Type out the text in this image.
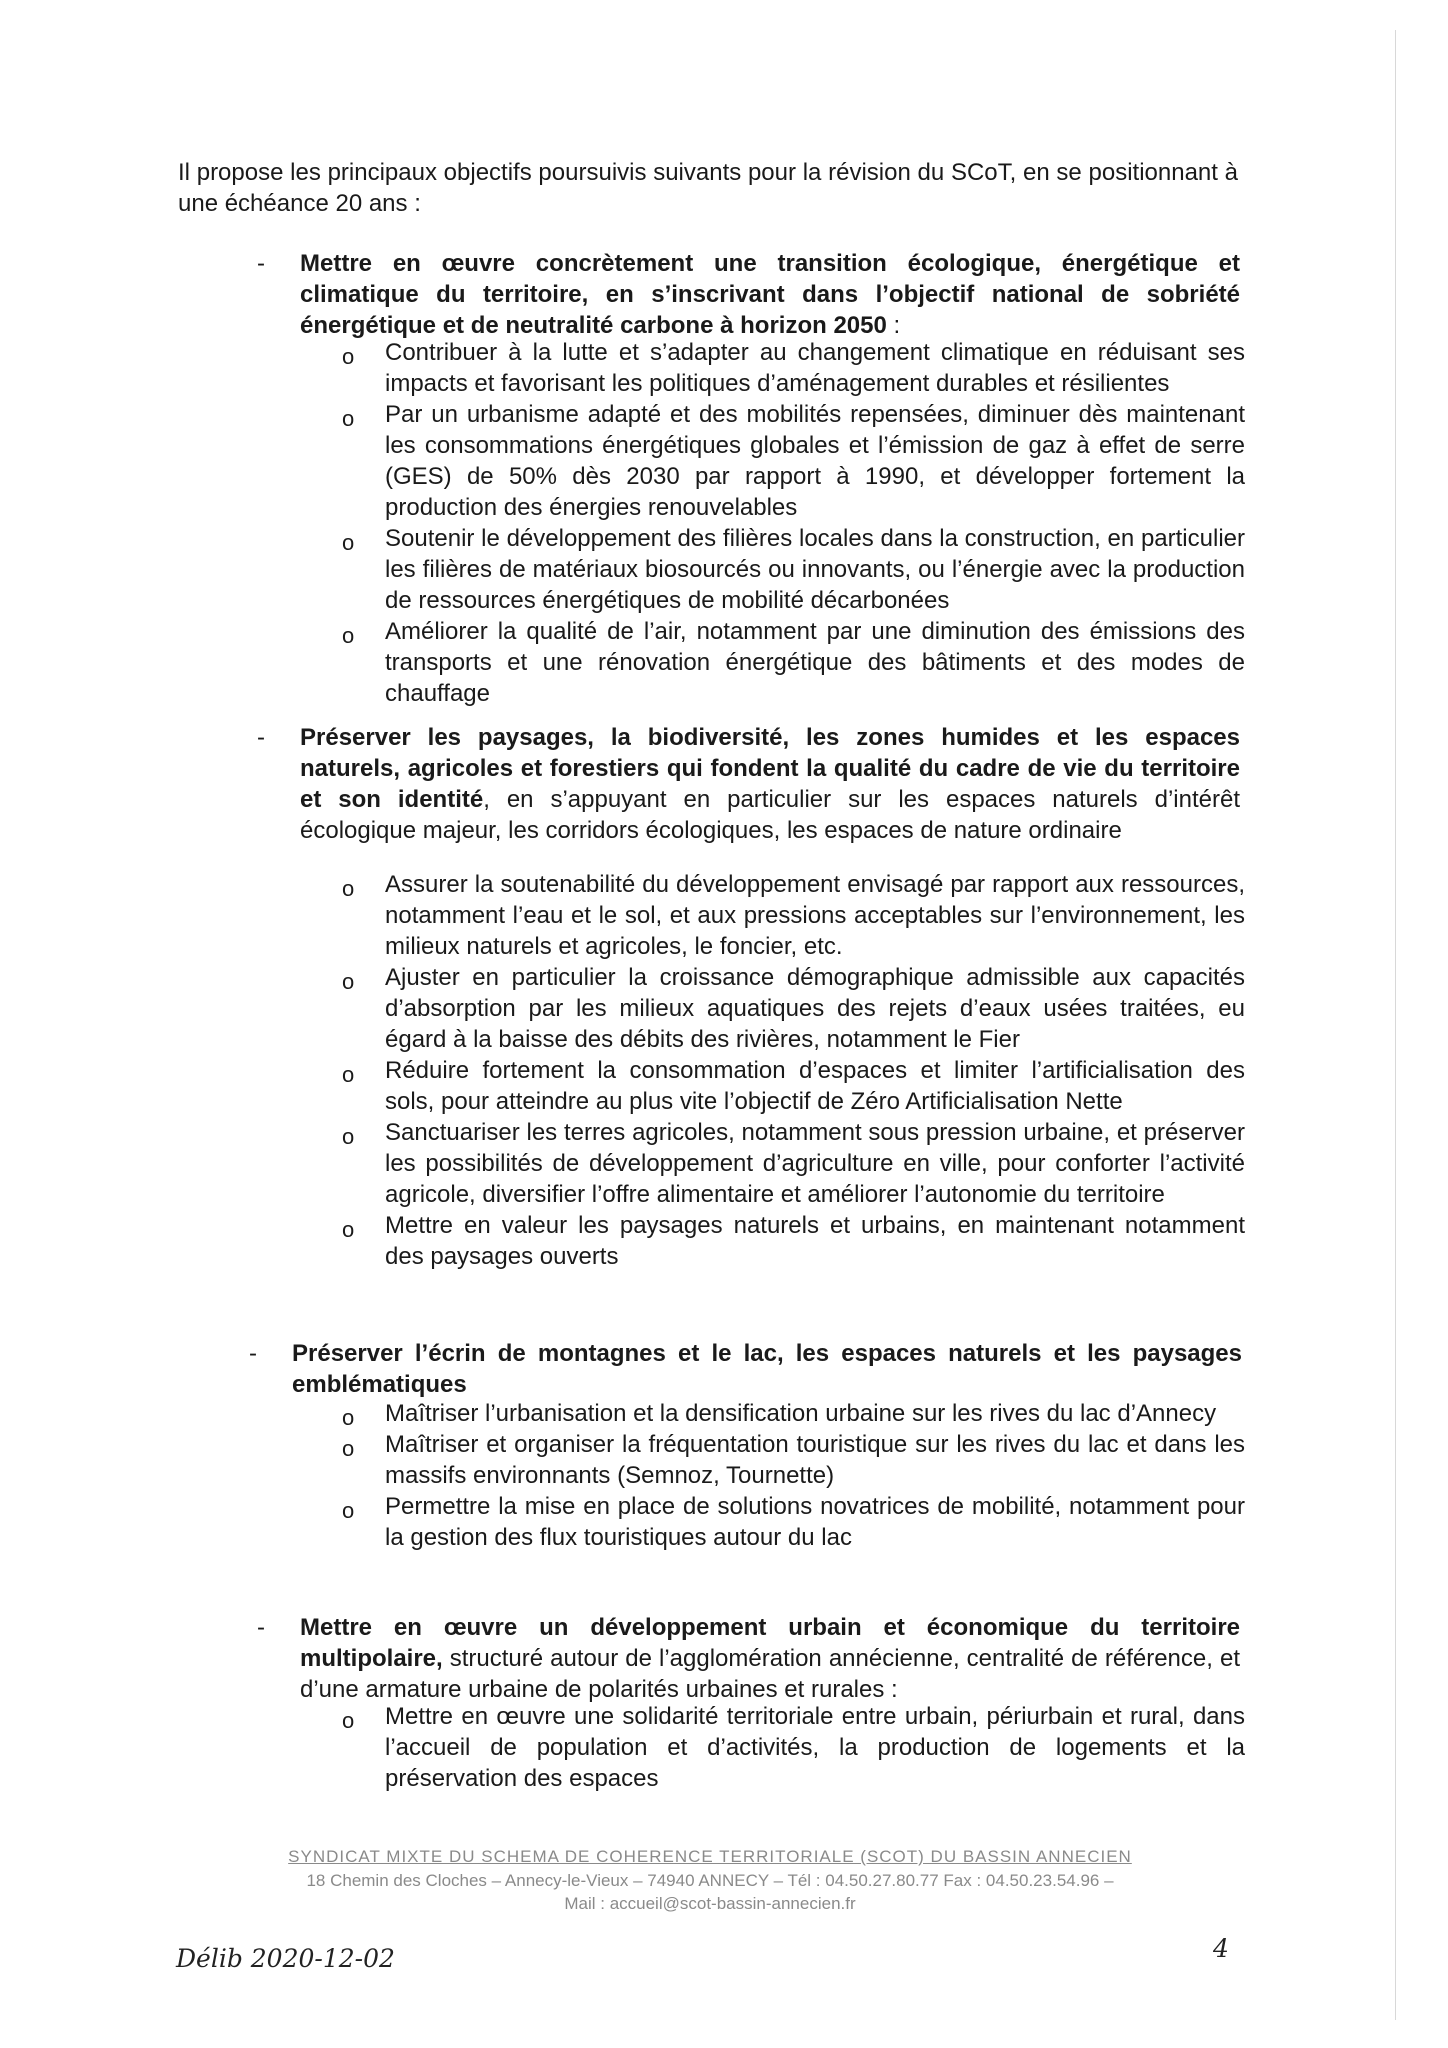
Il propose les principaux objectifs poursuivis suivants pour la révision du SCoT, en se positionnant à une échéance 20 ans :

-	Mettre en œuvre concrètement une transition écologique, énergétique et climatique du territoire, en s’inscrivant dans l’objectif national de sobriété énergétique et de neutralité carbone à horizon 2050 :

o Contribuer à la lutte et s’adapter au changement climatique en réduisant ses impacts et favorisant les politiques d’aménagement durables et résilientes

o Par un urbanisme adapté et des mobilités repensées, diminuer dès maintenant les consommations énergétiques globales et l’émission de gaz à effet de serre (GES) de 50% dès 2030 par rapport à 1990, et développer fortement la production des énergies renouvelables

o Soutenir le développement des filières locales dans la construction, en particulier les filières de matériaux biosourcés ou innovants, ou l’énergie avec la production de ressources énergétiques de mobilité décarbonées

o Améliorer la qualité de l’air, notamment par une diminution des émissions des transports et une rénovation énergétique des bâtiments et des modes de chauffage

-	Préserver les paysages, la biodiversité, les zones humides et les espaces naturels, agricoles et forestiers qui fondent la qualité du cadre de vie du territoire et son identité, en s’appuyant en particulier sur les espaces naturels d’intérêt écologique majeur, les corridors écologiques, les espaces de nature ordinaire

o Assurer la soutenabilité du développement envisagé par rapport aux ressources, notamment l’eau et le sol, et aux pressions acceptables sur l’environnement, les milieux naturels et agricoles, le foncier, etc.

o Ajuster en particulier la croissance démographique admissible aux capacités d’absorption par les milieux aquatiques des rejets d’eaux usées traitées, eu égard à la baisse des débits des rivières, notamment le Fier

o Réduire fortement la consommation d’espaces et limiter l’artificialisation des sols, pour atteindre au plus vite l’objectif de Zéro Artificialisation Nette

o Sanctuariser les terres agricoles, notamment sous pression urbaine, et préserver les possibilités de développement d’agriculture en ville, pour conforter l’activité agricole, diversifier l’offre alimentaire et améliorer l’autonomie du territoire

o Mettre en valeur les paysages naturels et urbains, en maintenant notamment des paysages ouverts

-	Préserver l’écrin de montagnes et le lac, les espaces naturels et les paysages emblématiques

o Maîtriser l’urbanisation et la densification urbaine sur les rives du lac d’Annecy

o Maîtriser et organiser la fréquentation touristique sur les rives du lac et dans les massifs environnants (Semnoz, Tournette)

o Permettre la mise en place de solutions novatrices de mobilité, notamment pour la gestion des flux touristiques autour du lac

-	Mettre en œuvre un développement urbain et économique du territoire multipolaire, structuré autour de l’agglomération annécienne, centralité de référence, et d’une armature urbaine de polarités urbaines et rurales :

o Mettre en œuvre une solidarité territoriale entre urbain, périurbain et rural, dans l’accueil de population et d’activités, la production de logements et la préservation des espaces

SYNDICAT MIXTE DU SCHEMA DE COHERENCE TERRITORIALE (SCOT) DU BASSIN ANNECIEN
18 Chemin des Cloches – Annecy-le-Vieux – 74940 ANNECY – Tél : 04.50.27.80.77 Fax : 04.50.23.54.96 –
Mail : accueil@scot-bassin-annecien.fr
Délib 2020-12-02	4
